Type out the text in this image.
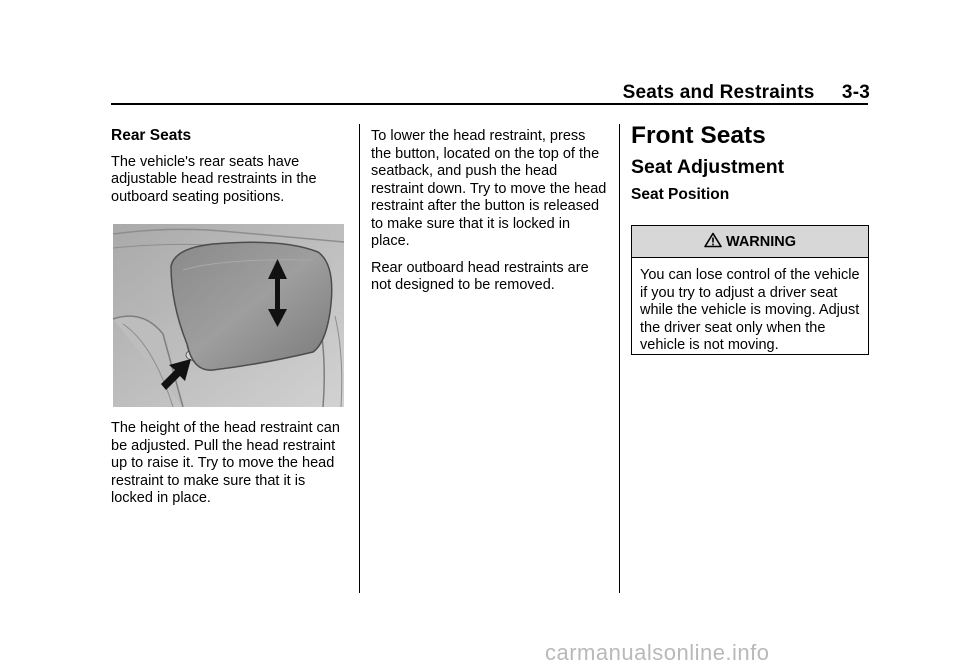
Seats and Restraints     3-3
Rear Seats

The vehicle's rear seats have adjustable head restraints in the outboard seating positions.

The height of the head restraint can be adjusted. Pull the head restraint up to raise it. Try to move the head restraint to make sure that it is locked in place.

To lower the head restraint, press the button, located on the top of the seatback, and push the head restraint down. Try to move the head restraint after the button is released to make sure that it is locked in place.

Rear outboard head restraints are not designed to be removed.

Front Seats
Seat Adjustment
Seat Position
WARNING
You can lose control of the vehicle if you try to adjust a driver seat while the vehicle is moving. Adjust the driver seat only when the vehicle is not moving.
carmanualsonline.info
